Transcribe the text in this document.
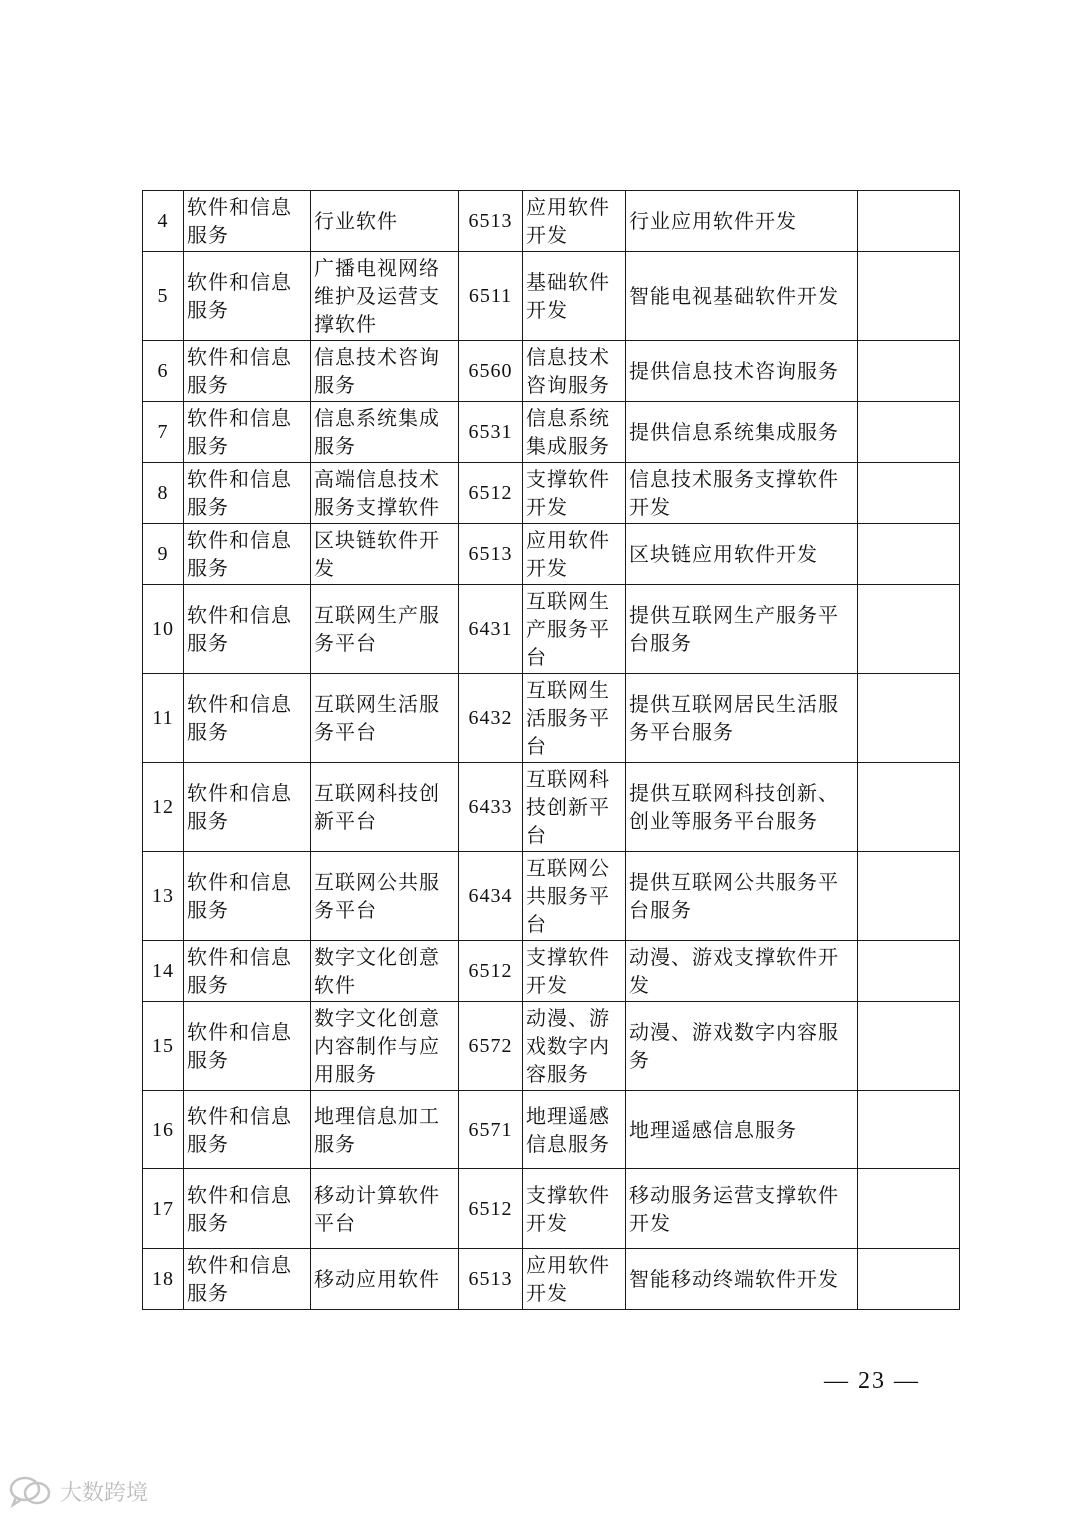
4	软件和信息服务	行业软件	6513	应用软件开发	行业应用软件开发	
5	软件和信息服务	广播电视网络维护及运营支撑软件	6511	基础软件开发	智能电视基础软件开发	
6	软件和信息服务	信息技术咨询服务	6560	信息技术咨询服务	提供信息技术咨询服务	
7	软件和信息服务	信息系统集成服务	6531	信息系统集成服务	提供信息系统集成服务	
8	软件和信息服务	高端信息技术服务支撑软件	6512	支撑软件开发	信息技术服务支撑软件开发	
9	软件和信息服务	区块链软件开发	6513	应用软件开发	区块链应用软件开发	
10	软件和信息服务	互联网生产服务平台	6431	互联网生产服务平台	提供互联网生产服务平台服务	
11	软件和信息服务	互联网生活服务平台	6432	互联网生活服务平台	提供互联网居民生活服务平台服务	
12	软件和信息服务	互联网科技创新平台	6433	互联网科技创新平台	提供互联网科技创新、创业等服务平台服务	
13	软件和信息服务	互联网公共服务平台	6434	互联网公共服务平台	提供互联网公共服务平台服务	
14	软件和信息服务	数字文化创意软件	6512	支撑软件开发	动漫、游戏支撑软件开发	
15	软件和信息服务	数字文化创意内容制作与应用服务	6572	动漫、游戏数字内容服务	动漫、游戏数字内容服务	
16	软件和信息服务	地理信息加工服务	6571	地理遥感信息服务	地理遥感信息服务	
17	软件和信息服务	移动计算软件平台	6512	支撑软件开发	移动服务运营支撑软件开发	
18	软件和信息服务	移动应用软件	6513	应用软件开发	智能移动终端软件开发	
— 23 —
大数跨境
